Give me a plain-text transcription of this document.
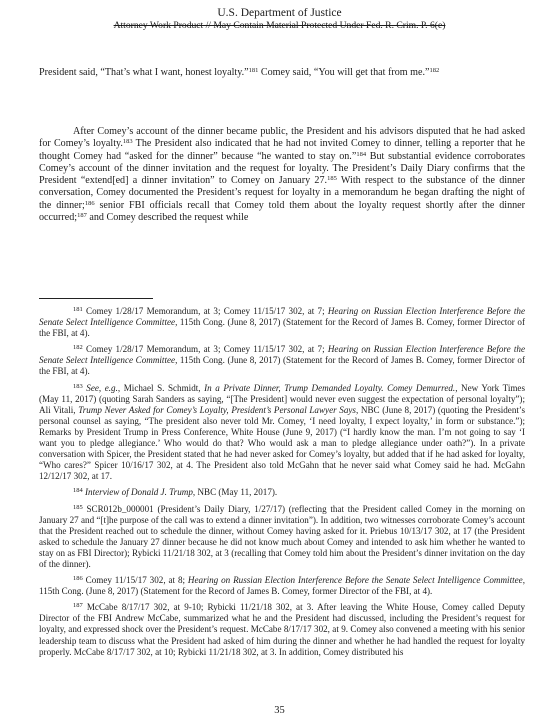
U.S. Department of Justice
Attorney Work Product // May Contain Material Protected Under Fed. R. Crim. P. 6(e)
President said, “That’s what I want, honest loyalty.”$^{181}$ Comey said, “You will get that from me.”$^{182}$
After Comey’s account of the dinner became public, the President and his advisors disputed that he had asked for Comey’s loyalty.$^{183}$ The President also indicated that he had not invited Comey to dinner, telling a reporter that he thought Comey had “asked for the dinner” because “he wanted to stay on.”$^{184}$ But substantial evidence corroborates Comey’s account of the dinner invitation and the request for loyalty. The President’s Daily Diary confirms that the President “extend[ed] a dinner invitation” to Comey on January 27.$^{185}$ With respect to the substance of the dinner conversation, Comey documented the President’s request for loyalty in a memorandum he began drafting the night of the dinner;$^{186}$ senior FBI officials recall that Comey told them about the loyalty request shortly after the dinner occurred;$^{187}$ and Comey described the request while

$^{181}$ Comey 1/28/17 Memorandum, at 3; Comey 11/15/17 302, at 7; Hearing on Russian Election Interference Before the Senate Select Intelligence Committee, 115th Cong. (June 8, 2017) (Statement for the Record of James B. Comey, former Director of the FBI, at 4).

$^{182}$ Comey 1/28/17 Memorandum, at 3; Comey 11/15/17 302, at 7; Hearing on Russian Election Interference Before the Senate Select Intelligence Committee, 115th Cong. (June 8, 2017) (Statement for the Record of James B. Comey, former Director of the FBI, at 4).

$^{183}$ See, e.g., Michael S. Schmidt, In a Private Dinner, Trump Demanded Loyalty. Comey Demurred., New York Times (May 11, 2017) (quoting Sarah Sanders as saying, “[The President] would never even suggest the expectation of personal loyalty”); Ali Vitali, Trump Never Asked for Comey’s Loyalty, President’s Personal Lawyer Says, NBC (June 8, 2017) (quoting the President’s personal counsel as saying, “The president also never told Mr. Comey, ‘I need loyalty, I expect loyalty,’ in form or substance.”); Remarks by President Trump in Press Conference, White House (June 9, 2017) (“I hardly know the man. I’m not going to say ‘I want you to pledge allegiance.’ Who would do that? Who would ask a man to pledge allegiance under oath?”). In a private conversation with Spicer, the President stated that he had never asked for Comey’s loyalty, but added that if he had asked for loyalty, “Who cares?” Spicer 10/16/17 302, at 4. The President also told McGahn that he never said what Comey said he had. McGahn 12/12/17 302, at 17.

$^{184}$ Interview of Donald J. Trump, NBC (May 11, 2017).

$^{185}$ SCR012b_000001 (President’s Daily Diary, 1/27/17) (reflecting that the President called Comey in the morning on January 27 and “[t]he purpose of the call was to extend a dinner invitation”). In addition, two witnesses corroborate Comey’s account that the President reached out to schedule the dinner, without Comey having asked for it. Priebus 10/13/17 302, at 17 (the President asked to schedule the January 27 dinner because he did not know much about Comey and intended to ask him whether he wanted to stay on as FBI Director); Rybicki 11/21/18 302, at 3 (recalling that Comey told him about the President’s dinner invitation on the day of the dinner).

$^{186}$ Comey 11/15/17 302, at 8; Hearing on Russian Election Interference Before the Senate Select Intelligence Committee, 115th Cong. (June 8, 2017) (Statement for the Record of James B. Comey, former Director of the FBI, at 4).

$^{187}$ McCabe 8/17/17 302, at 9-10; Rybicki 11/21/18 302, at 3. After leaving the White House, Comey called Deputy Director of the FBI Andrew McCabe, summarized what he and the President had discussed, including the President’s request for loyalty, and expressed shock over the President’s request. McCabe 8/17/17 302, at 9. Comey also convened a meeting with his senior leadership team to discuss what the President had asked of him during the dinner and whether he had handled the request for loyalty properly. McCabe 8/17/17 302, at 10; Rybicki 11/21/18 302, at 3. In addition, Comey distributed his

35
